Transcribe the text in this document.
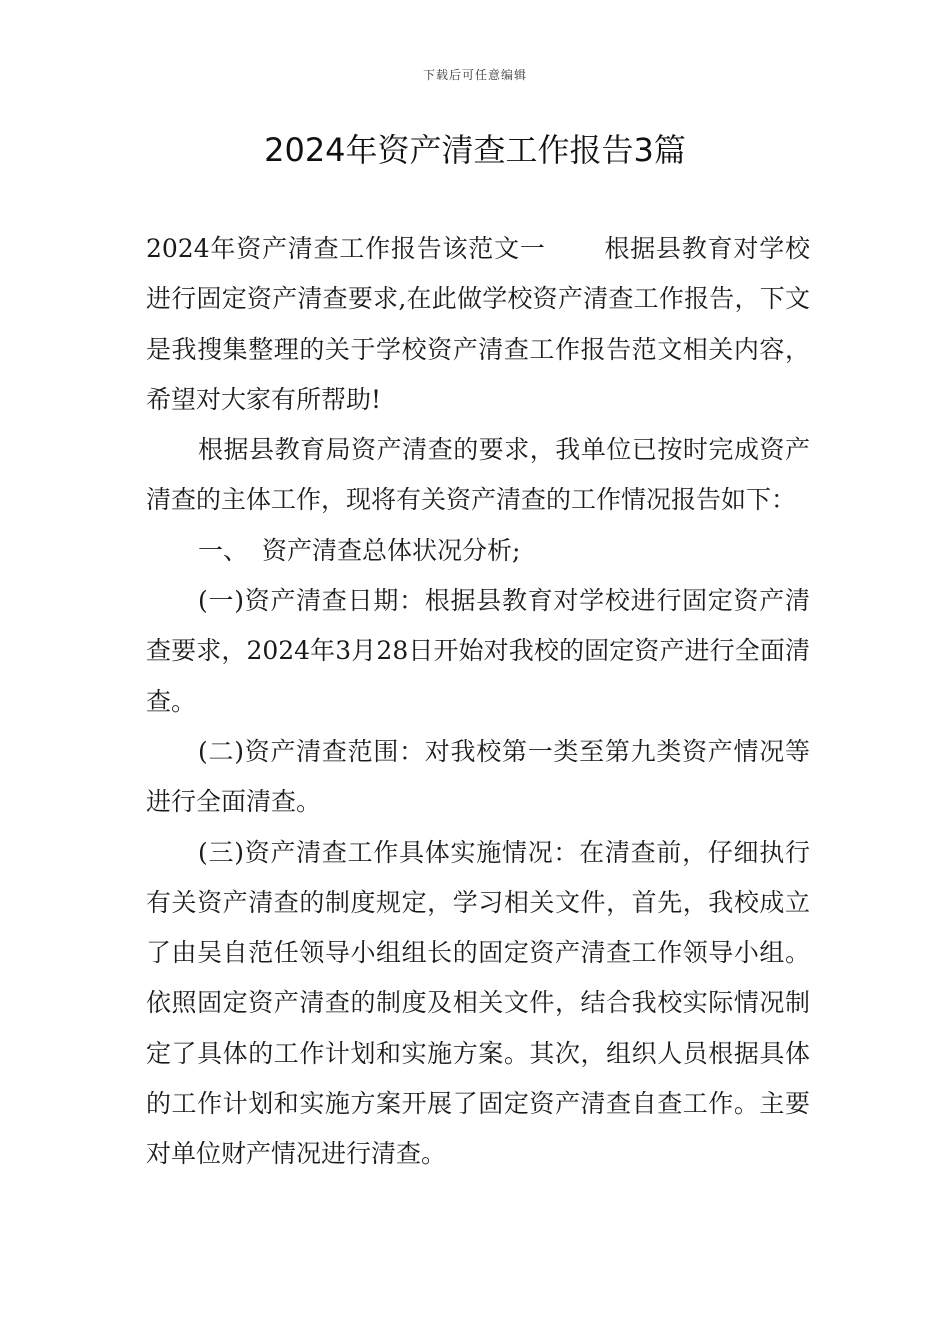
下载后可任意编辑
2024年资产清查工作报告3篇

2024年资产清查工作报告该范文一 根据县教育对学校进行固定资产清查要求,在此做学校资产清查工作报告，下文是我搜集整理的关于学校资产清查工作报告范文相关内容，希望对大家有所帮助!

根据县教育局资产清查的要求，我单位已按时完成资产清查的主体工作，现将有关资产清查的工作情况报告如下：

一、 资产清查总体状况分析;

(一)资产清查日期：根据县教育对学校进行固定资产清查要求，2024年3月28日开始对我校的固定资产进行全面清查。

(二)资产清查范围：对我校第一类至第九类资产情况等进行全面清查。

(三)资产清查工作具体实施情况：在清查前，仔细执行有关资产清查的制度规定，学习相关文件，首先，我校成立了由吴自范任领导小组组长的固定资产清查工作领导小组。依照固定资产清查的制度及相关文件，结合我校实际情况制定了具体的工作计划和实施方案。其次，组织人员根据具体的工作计划和实施方案开展了固定资产清查自查工作。主要对单位财产情况进行清查。
